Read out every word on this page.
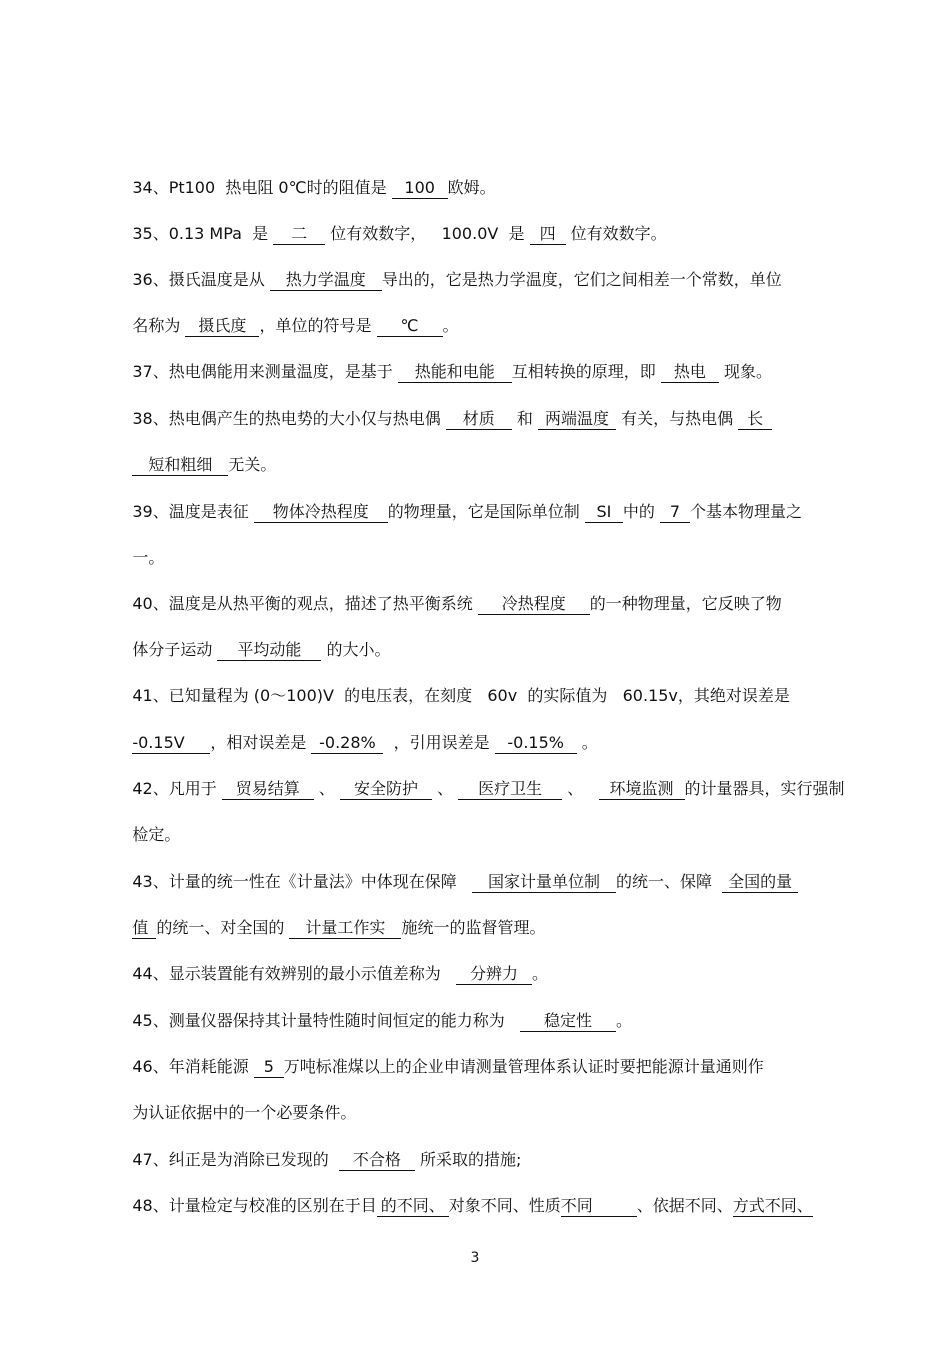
34、Pt100  热电阻 0℃时的阻值是 100 欧姆。

35、0.13 MPa  是 二 位有效数字，   100.0V  是 四 位有效数字。

36、摄氏温度是从 热力学温度 导出的，它是热力学温度，它们之间相差一个常数，单位

名称为 摄氏度 ，单位的符号是 ℃ 。

37、热电偶能用来测量温度，是基于 热能和电能 互相转换的原理，即 热电 现象。

38、热电偶产生的热电势的大小仅与热电偶 材质 和 两端温度 有关，与热电偶 长

短和粗细 无关。

39、温度是表征 物体冷热程度 的物理量，它是国际单位制 SI 中的 7 个基本物理量之

一。

40、温度是从热平衡的观点，描述了热平衡系统 冷热程度 的一种物理量，它反映了物

体分子运动 平均动能 的大小。

41、已知量程为 (0～100)V  的电压表，在刻度   60v  的实际值为   60.15v，其绝对误差是

-0.15V ，相对误差是 -0.28%  ，引用误差是 -0.15% 。

42、凡用于 贸易结算 、 安全防护 、 医疗卫生 、   环境监测 的计量器具，实行强制

检定。

43、计量的统一性在《计量法》中体现在保障   国家计量单位制 的统一、保障  全国的量

值 的统一、对全国的 计量工作实 施统一的监督管理。

44、显示装置能有效辨别的最小示值差称为   分辨力 。

45、测量仪器保持其计量特性随时间恒定的能力称为   稳定性 。

46、年消耗能源 5 万吨标准煤以上的企业申请测量管理体系认证时要把能源计量通则作

为认证依据中的一个必要条件。

47、纠正是为消除已发现的  不合格 所采取的措施;

48、计量检定与校准的区别在于目 的不同、 对象不同、性质不同	、依据不同、方式不同、

3
